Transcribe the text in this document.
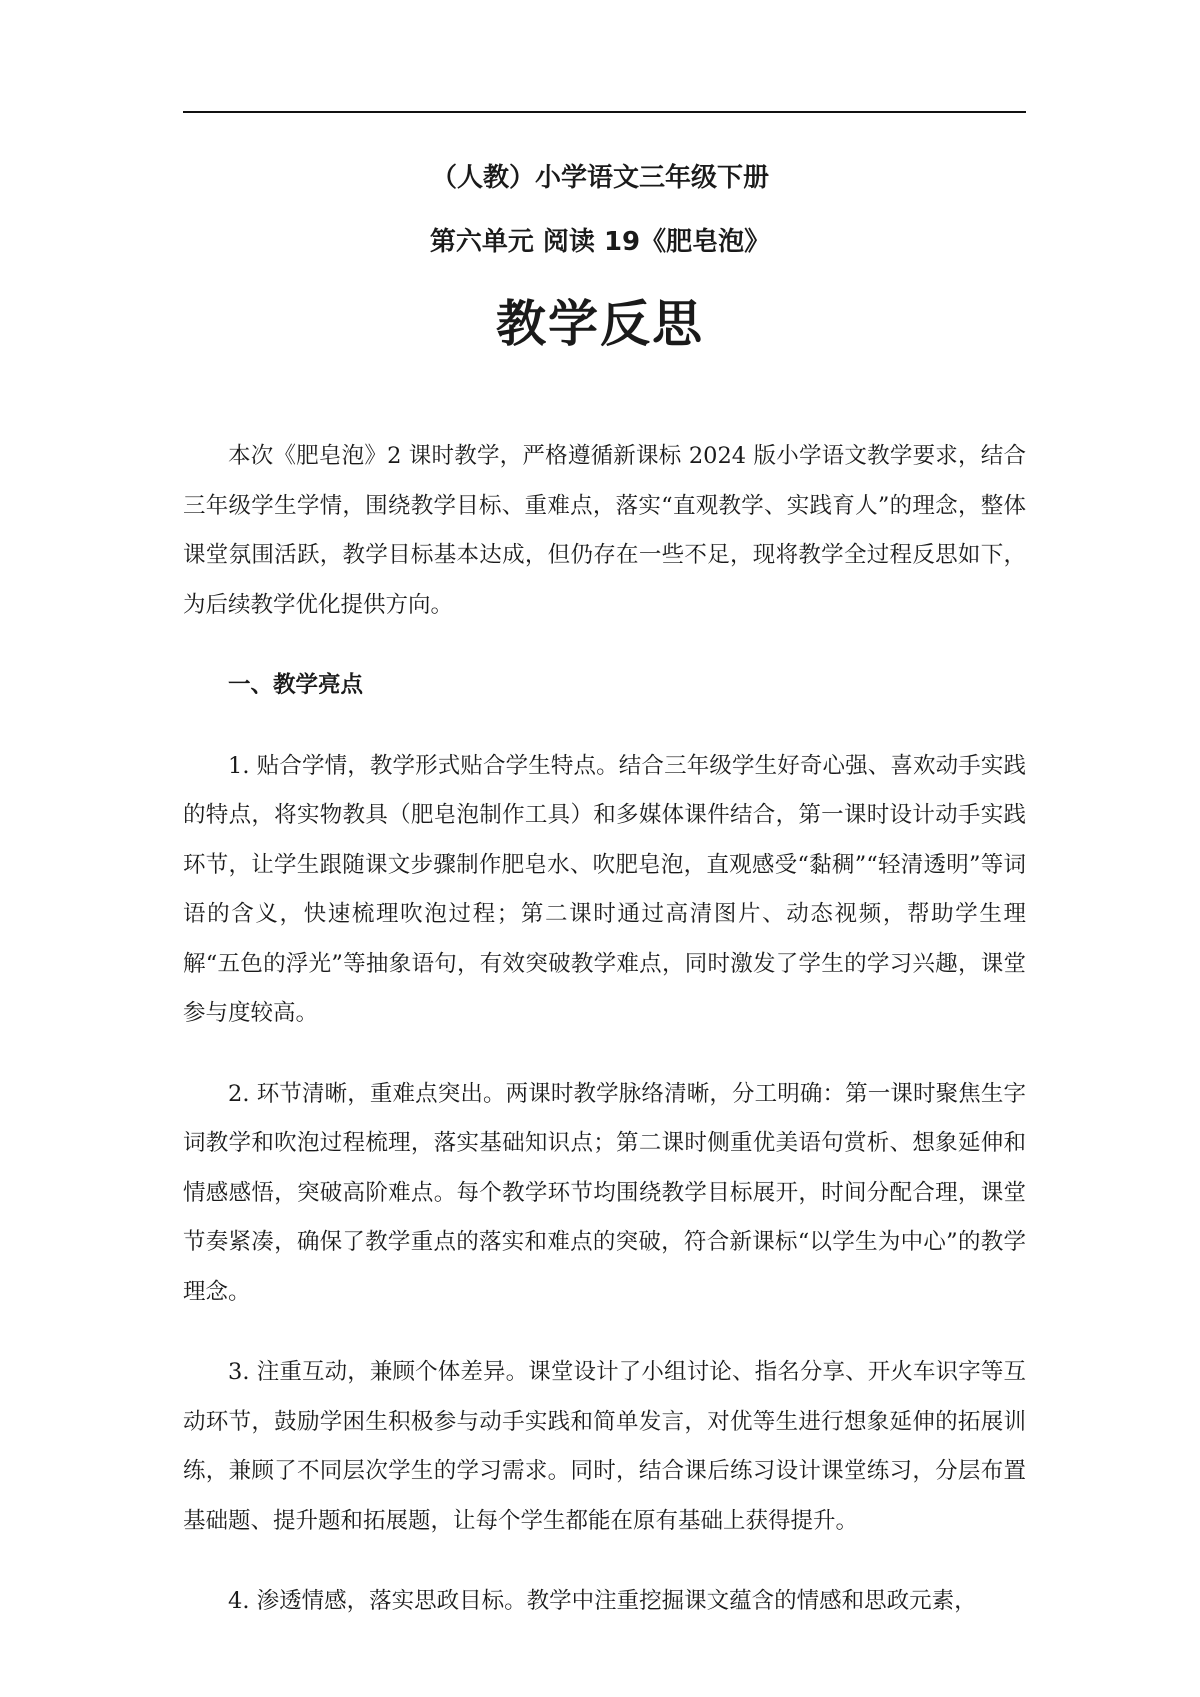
（人教）小学语文三年级下册
第六单元 阅读 19《肥皂泡》
教学反思

本次《肥皂泡》2 课时教学，严格遵循新课标 2024 版小学语文教学要求，结合三年级学生学情，围绕教学目标、重难点，落实“直观教学、实践育人”的理念，整体课堂氛围活跃，教学目标基本达成，但仍存在一些不足，现将教学全过程反思如下，为后续教学优化提供方向。

一、教学亮点

1. 贴合学情，教学形式贴合学生特点。结合三年级学生好奇心强、喜欢动手实践的特点，将实物教具（肥皂泡制作工具）和多媒体课件结合，第一课时设计动手实践环节，让学生跟随课文步骤制作肥皂水、吹肥皂泡，直观感受“黏稠”“轻清透明”等词语的含义，快速梳理吹泡过程；第二课时通过高清图片、动态视频，帮助学生理解“五色的浮光”等抽象语句，有效突破教学难点，同时激发了学生的学习兴趣，课堂参与度较高。

2. 环节清晰，重难点突出。两课时教学脉络清晰，分工明确：第一课时聚焦生字词教学和吹泡过程梳理，落实基础知识点；第二课时侧重优美语句赏析、想象延伸和情感感悟，突破高阶难点。每个教学环节均围绕教学目标展开，时间分配合理，课堂节奏紧凑，确保了教学重点的落实和难点的突破，符合新课标“以学生为中心”的教学理念。

3. 注重互动，兼顾个体差异。课堂设计了小组讨论、指名分享、开火车识字等互动环节，鼓励学困生积极参与动手实践和简单发言，对优等生进行想象延伸的拓展训练，兼顾了不同层次学生的学习需求。同时，结合课后练习设计课堂练习，分层布置基础题、提升题和拓展题，让每个学生都能在原有基础上获得提升。

4. 渗透情感，落实思政目标。教学中注重挖掘课文蕴含的情感和思政元素，
